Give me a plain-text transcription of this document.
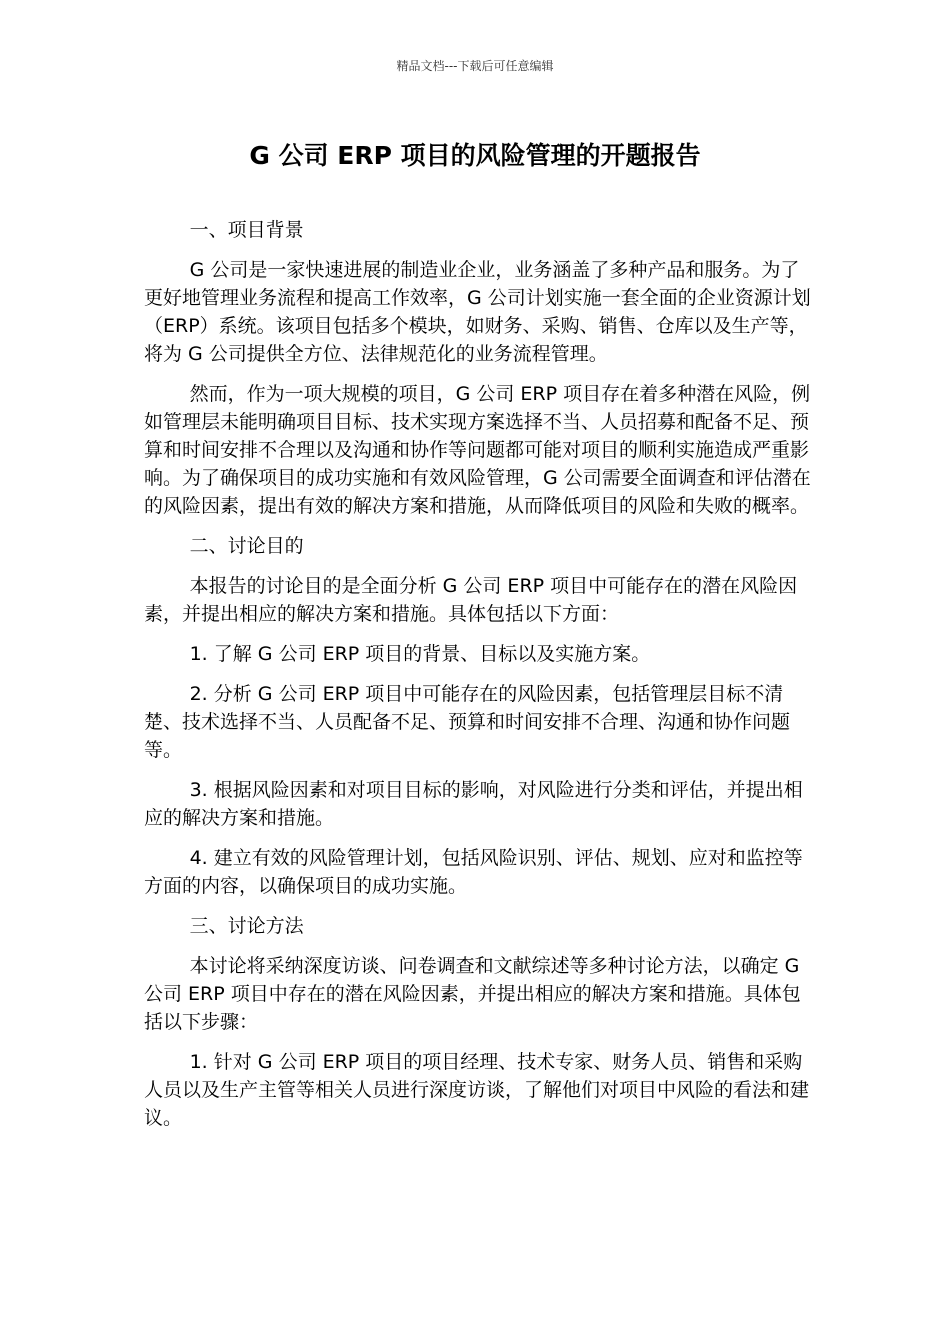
精品文档---下载后可任意编辑
G 公司 ERP 项目的风险管理的开题报告

一、项目背景

G 公司是一家快速进展的制造业企业，业务涵盖了多种产品和服务。为了更好地管理业务流程和提高工作效率，G 公司计划实施一套全面的企业资源计划（ERP）系统。该项目包括多个模块，如财务、采购、销售、仓库以及生产等，将为 G 公司提供全方位、法律规范化的业务流程管理。

然而，作为一项大规模的项目，G 公司 ERP 项目存在着多种潜在风险，例如管理层未能明确项目目标、技术实现方案选择不当、人员招募和配备不足、预算和时间安排不合理以及沟通和协作等问题都可能对项目的顺利实施造成严重影响。为了确保项目的成功实施和有效风险管理，G 公司需要全面调查和评估潜在的风险因素，提出有效的解决方案和措施，从而降低项目的风险和失败的概率。

二、讨论目的

本报告的讨论目的是全面分析 G 公司 ERP 项目中可能存在的潜在风险因素，并提出相应的解决方案和措施。具体包括以下方面：

1. 了解 G 公司 ERP 项目的背景、目标以及实施方案。

2. 分析 G 公司 ERP 项目中可能存在的风险因素，包括管理层目标不清楚、技术选择不当、人员配备不足、预算和时间安排不合理、沟通和协作问题等。

3. 根据风险因素和对项目目标的影响，对风险进行分类和评估，并提出相应的解决方案和措施。

4. 建立有效的风险管理计划，包括风险识别、评估、规划、应对和监控等方面的内容，以确保项目的成功实施。

三、讨论方法

本讨论将采纳深度访谈、问卷调查和文献综述等多种讨论方法，以确定 G 公司 ERP 项目中存在的潜在风险因素，并提出相应的解决方案和措施。具体包括以下步骤：

1. 针对 G 公司 ERP 项目的项目经理、技术专家、财务人员、销售和采购人员以及生产主管等相关人员进行深度访谈，了解他们对项目中风险的看法和建议。
